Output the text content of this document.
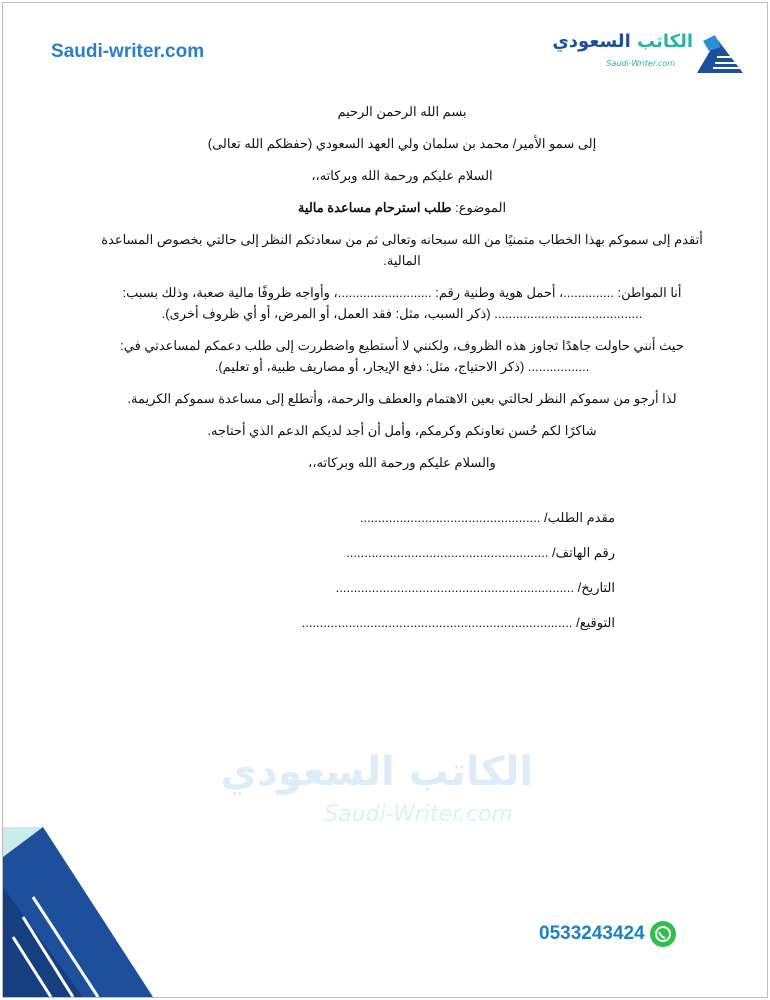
Saudi-writer.com	الكاتب السعودي
Saudi-Writer.com

بسم الله الرحمن الرحيم

إلى سمو الأمير/ محمد بن سلمان ولي العهد السعودي (حفظكم الله تعالى)

السلام عليكم ورحمة الله وبركاته،،

الموضوع: طلب استرحام مساعدة مالية

أتقدم إلى سموكم بهذا الخطاب متمنيًا من الله سبحانه وتعالى ثم من سعادتكم النظر إلى حالتي بخصوص المساعدة المالية.

أنا المواطن: ..............، أحمل هوية وطنية رقم: ..........................، وأواجه ظروفًا مالية صعبة، وذلك بسبب: ......................................... (ذكر السبب، مثل: فقد العمل، أو المرض، أو أي ظروف أخرى).

حيث أنني حاولت جاهدًا تجاوز هذه الظروف، ولكنني لا أستطيع واضطررت إلى طلب دعمكم لمساعدتي في: ................. (ذكر الاحتياج، مثل: دفع الإيجار، أو مصاريف طبية، أو تعليم).

لذا أرجو من سموكم النظر لحالتي بعين الاهتمام والعطف والرحمة، وأتطلع إلى مساعدة سموكم الكريمة.

شاكرًا لكم حُسن تعاونكم وكرمكم، وأمل أن أجد لديكم الدعم الذي أحتاجه.

والسلام عليكم ورحمة الله وبركاته،،

مقدم الطلب/ ..................................................
رقم الهاتف/ ........................................................
التاريخ/ ..................................................................
التوقيع/ ...........................................................................
الكاتب السعودي
Saudi-Writer.com
0533243424
